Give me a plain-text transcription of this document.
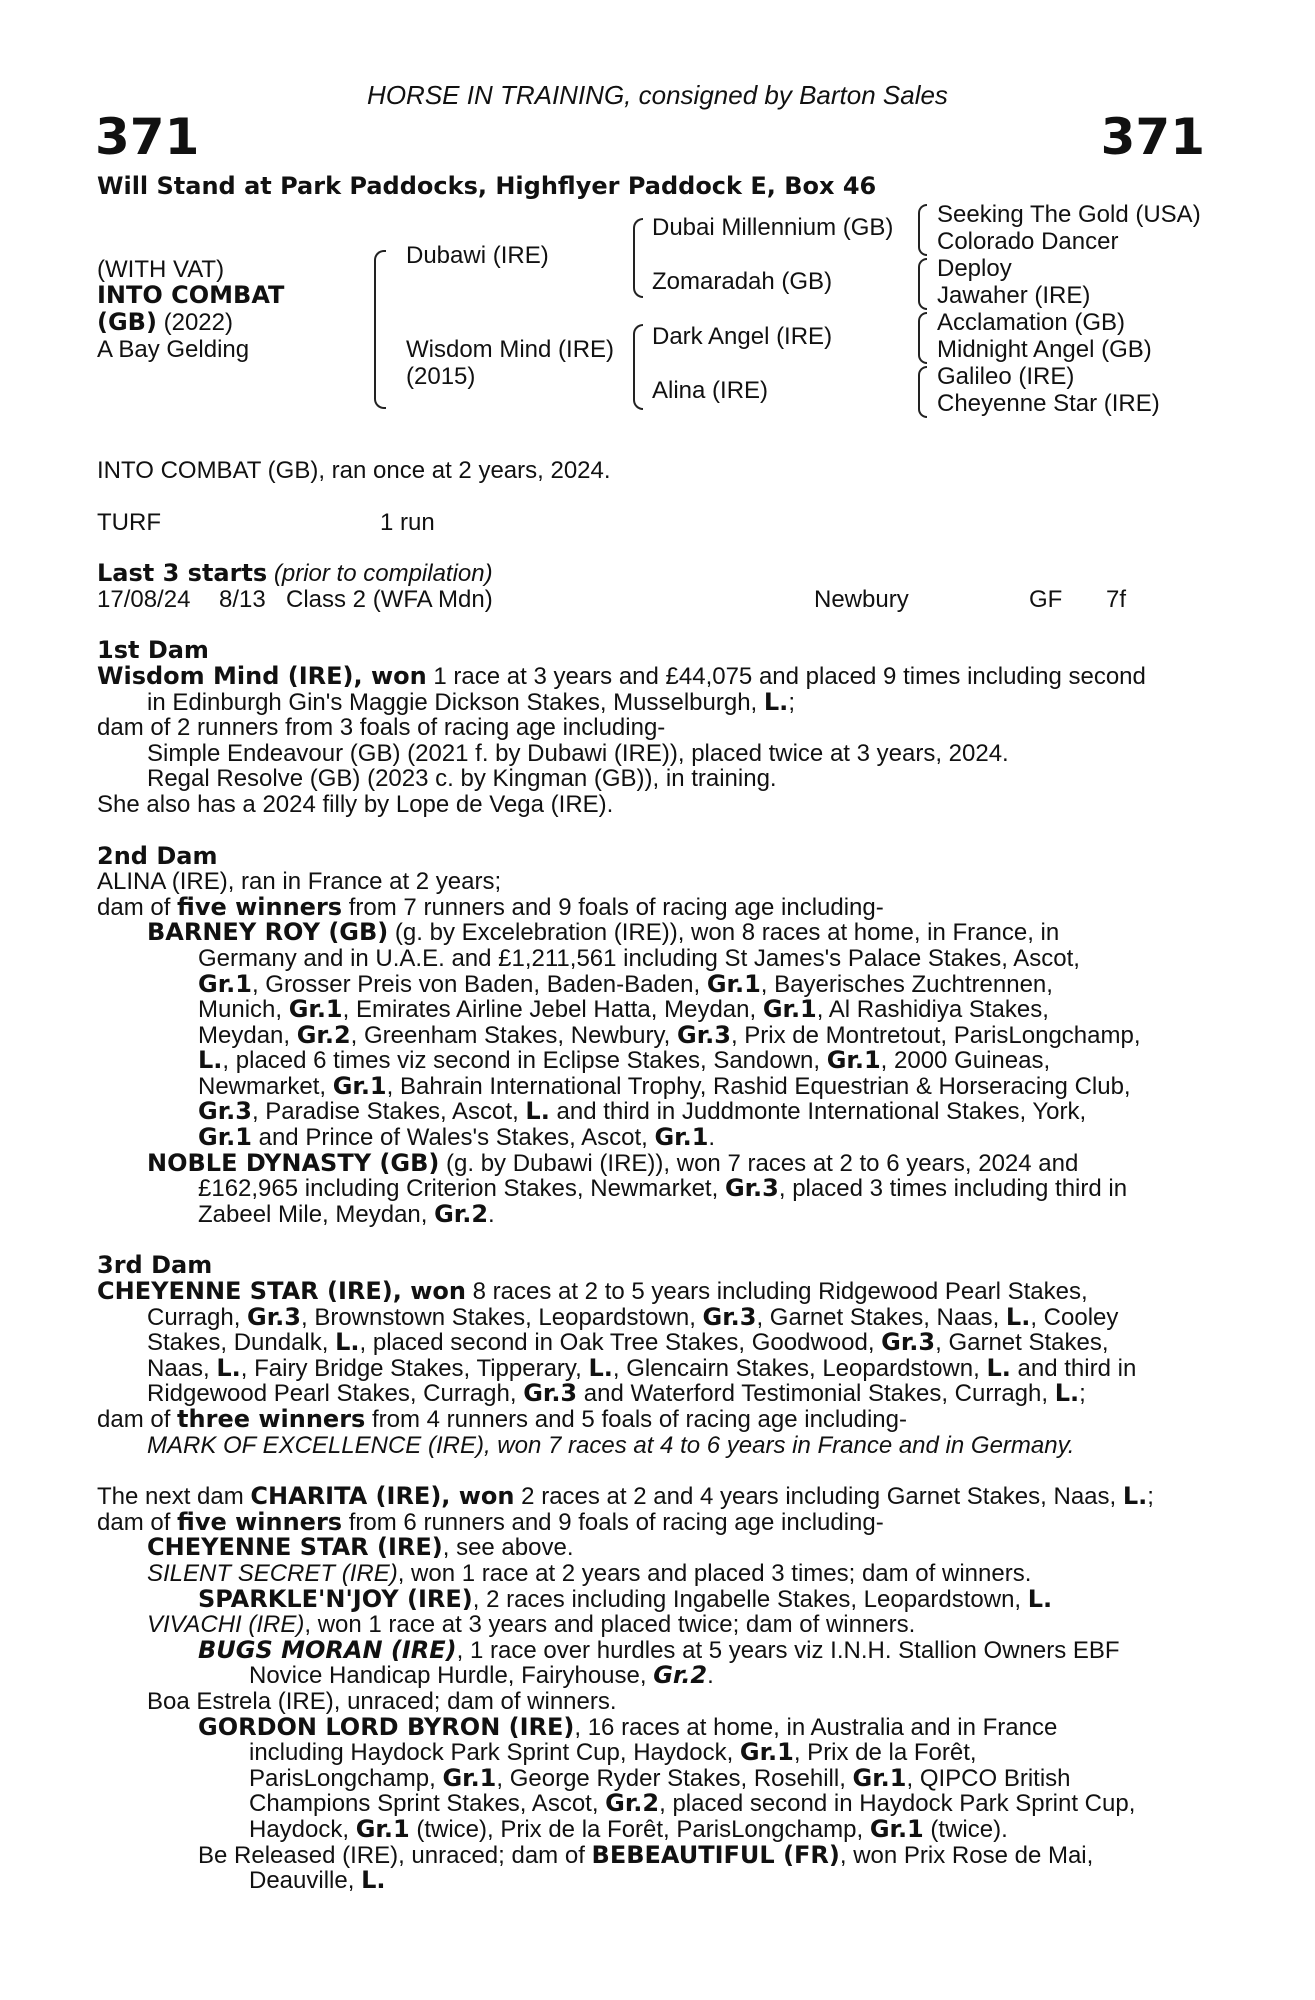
HORSE IN TRAINING, consigned by Barton Sales
371	371
Will Stand at Park Paddocks, Highflyer Paddock E, Box 46
(WITH VAT)
INTO COMBAT
(GB) (2022)
A Bay Gelding
Dubawi (IRE)
Wisdom Mind (IRE)
(2015)
Dubai Millennium (GB)
Zomaradah (GB)
Dark Angel (IRE)
Alina (IRE)
Seeking The Gold (USA)
Colorado Dancer
Deploy
Jawaher (IRE)
Acclamation (GB)
Midnight Angel (GB)
Galileo (IRE)
Cheyenne Star (IRE)

INTO COMBAT (GB), ran once at 2 years, 2024.

TURF	1 run

Last 3 starts (prior to compilation)

17/08/24	8/13 Class 2 (WFA Mdn)	Newbury	GF	7f

1st Dam

Wisdom Mind (IRE), won 1 race at 3 years and £44,075 and placed 9 times including second

in Edinburgh Gin's Maggie Dickson Stakes, Musselburgh, L.;

dam of 2 runners from 3 foals of racing age including-

Simple Endeavour (GB) (2021 f. by Dubawi (IRE)), placed twice at 3 years, 2024.

Regal Resolve (GB) (2023 c. by Kingman (GB)), in training.

She also has a 2024 filly by Lope de Vega (IRE).

2nd Dam

ALINA (IRE), ran in France at 2 years;

dam of five winners from 7 runners and 9 foals of racing age including-

BARNEY ROY (GB) (g. by Excelebration (IRE)), won 8 races at home, in France, in

Germany and in U.A.E. and £1,211,561 including St James's Palace Stakes, Ascot,

Gr.1, Grosser Preis von Baden, Baden-Baden, Gr.1, Bayerisches Zuchtrennen,

Munich, Gr.1, Emirates Airline Jebel Hatta, Meydan, Gr.1, Al Rashidiya Stakes,

Meydan, Gr.2, Greenham Stakes, Newbury, Gr.3, Prix de Montretout, ParisLongchamp,

L., placed 6 times viz second in Eclipse Stakes, Sandown, Gr.1, 2000 Guineas,

Newmarket, Gr.1, Bahrain International Trophy, Rashid Equestrian & Horseracing Club,

Gr.3, Paradise Stakes, Ascot, L. and third in Juddmonte International Stakes, York,

Gr.1 and Prince of Wales's Stakes, Ascot, Gr.1.

NOBLE DYNASTY (GB) (g. by Dubawi (IRE)), won 7 races at 2 to 6 years, 2024 and

£162,965 including Criterion Stakes, Newmarket, Gr.3, placed 3 times including third in

Zabeel Mile, Meydan, Gr.2.

3rd Dam

CHEYENNE STAR (IRE), won 8 races at 2 to 5 years including Ridgewood Pearl Stakes,

Curragh, Gr.3, Brownstown Stakes, Leopardstown, Gr.3, Garnet Stakes, Naas, L., Cooley

Stakes, Dundalk, L., placed second in Oak Tree Stakes, Goodwood, Gr.3, Garnet Stakes,

Naas, L., Fairy Bridge Stakes, Tipperary, L., Glencairn Stakes, Leopardstown, L. and third in

Ridgewood Pearl Stakes, Curragh, Gr.3 and Waterford Testimonial Stakes, Curragh, L.;

dam of three winners from 4 runners and 5 foals of racing age including-

MARK OF EXCELLENCE (IRE), won 7 races at 4 to 6 years in France and in Germany.

The next dam CHARITA (IRE), won 2 races at 2 and 4 years including Garnet Stakes, Naas, L.;

dam of five winners from 6 runners and 9 foals of racing age including-

CHEYENNE STAR (IRE), see above.

SILENT SECRET (IRE), won 1 race at 2 years and placed 3 times; dam of winners.

SPARKLE'N'JOY (IRE), 2 races including Ingabelle Stakes, Leopardstown, L.

VIVACHI (IRE), won 1 race at 3 years and placed twice; dam of winners.

BUGS MORAN (IRE), 1 race over hurdles at 5 years viz I.N.H. Stallion Owners EBF

Novice Handicap Hurdle, Fairyhouse, Gr.2.

Boa Estrela (IRE), unraced; dam of winners.

GORDON LORD BYRON (IRE), 16 races at home, in Australia and in France

including Haydock Park Sprint Cup, Haydock, Gr.1, Prix de la Forêt,

ParisLongchamp, Gr.1, George Ryder Stakes, Rosehill, Gr.1, QIPCO British

Champions Sprint Stakes, Ascot, Gr.2, placed second in Haydock Park Sprint Cup,

Haydock, Gr.1 (twice), Prix de la Forêt, ParisLongchamp, Gr.1 (twice).

Be Released (IRE), unraced; dam of BEBEAUTIFUL (FR), won Prix Rose de Mai,

Deauville, L.
